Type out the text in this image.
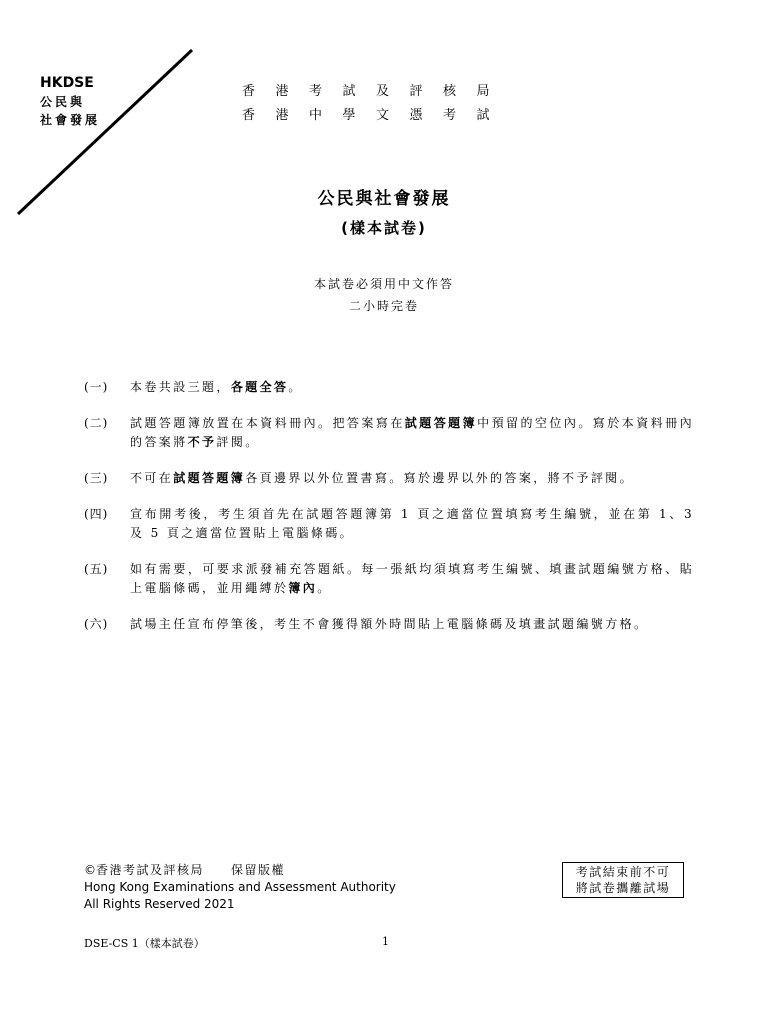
HKDSE
公民與
社會發展
香港考試及評核局
香港中學文憑考試
公民與社會發展
(樣本試卷)
本試卷必須用中文作答
二小時完卷
(一)	本卷共設三題，各題全答。
(二)	試題答題簿放置在本資料冊內。把答案寫在試題答題簿中預留的空位內。寫於本資料冊內的答案將不予評閱。
(三)	不可在試題答題簿各頁邊界以外位置書寫。寫於邊界以外的答案，將不予評閱。
(四)	宣布開考後，考生須首先在試題答題簿第 1 頁之適當位置填寫考生編號，並在第 1、3 及 5 頁之適當位置貼上電腦條碼。
(五)	如有需要，可要求派發補充答題紙。每一張紙均須填寫考生編號、填畫試題編號方格、貼上電腦條碼，並用繩縛於簿內。
(六)	試場主任宣布停筆後，考生不會獲得額外時間貼上電腦條碼及填畫試題編號方格。
©香港考試及評核局　　保留版權
Hong Kong Examinations and Assessment Authority
All Rights Reserved 2021
考試結束前不可
將試卷攜離試場
DSE-CS 1（樣本試卷）	1
